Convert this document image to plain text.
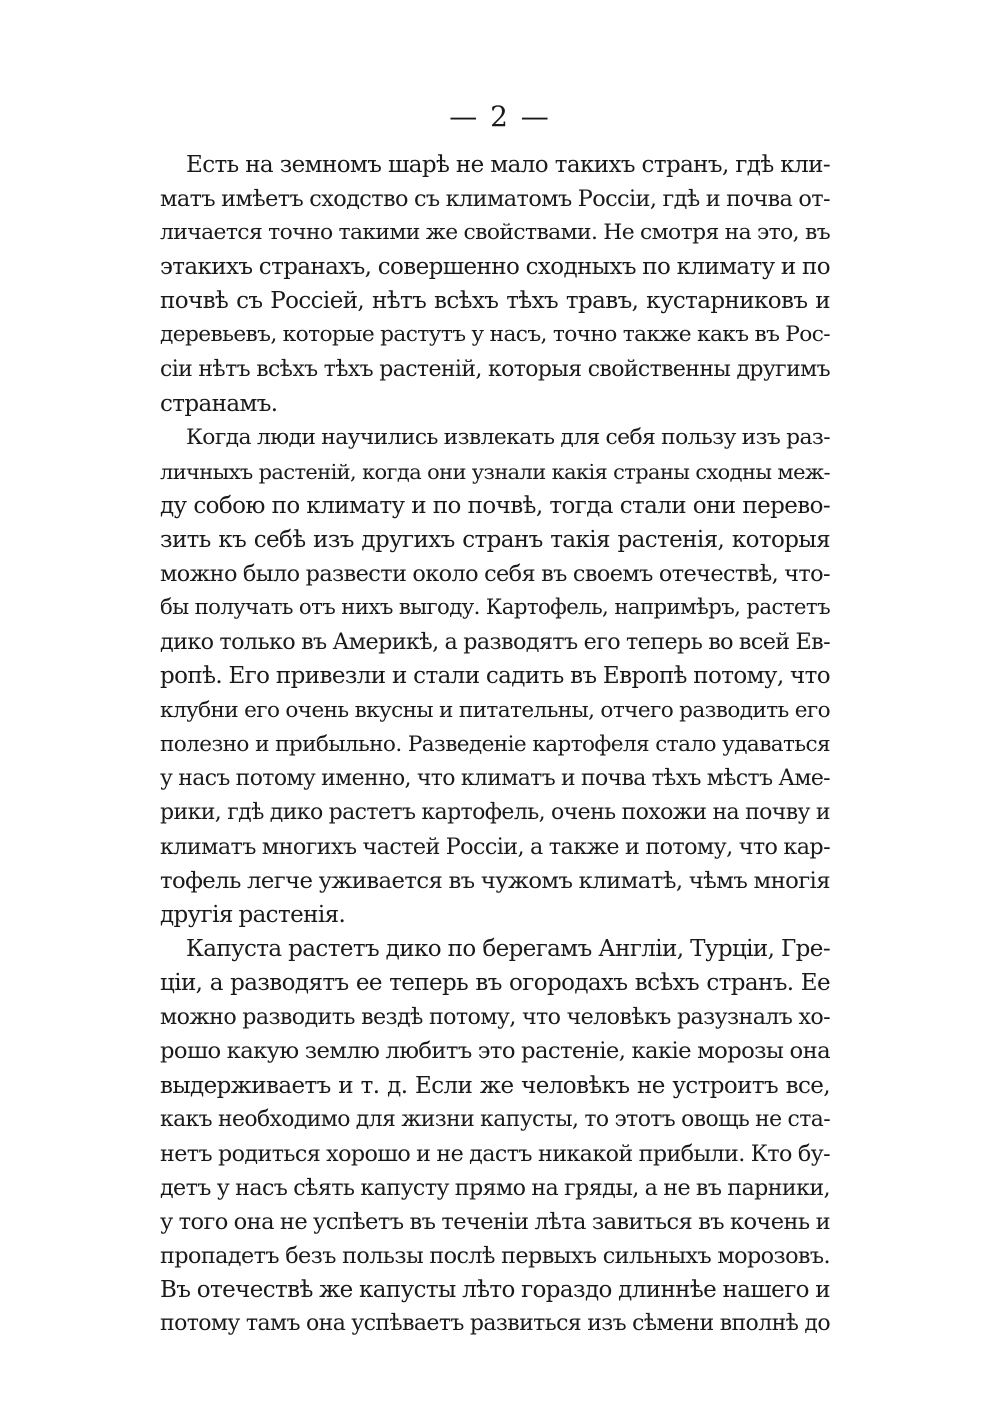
— 2 —
Есть на земномъ шарѣ не мало такихъ странъ, гдѣ кли-
матъ имѣетъ сходство съ климатомъ Россіи, гдѣ и почва от-
личается точно такими же свойствами. Не смотря на это, въ
этакихъ странахъ, совершенно сходныхъ по климату и по
почвѣ съ Россіей, нѣтъ всѣхъ тѣхъ травъ, кустарниковъ и
деревьевъ, которые растутъ у насъ, точно также какъ въ Рос-
сіи нѣтъ всѣхъ тѣхъ растеній, которыя свойственны другимъ
странамъ.
Когда люди научились извлекать для себя пользу изъ раз-
личныхъ растеній, когда они узнали какія страны сходны меж-
ду собою по климату и по почвѣ, тогда стали они перево-
зить къ себѣ изъ другихъ странъ такія растенія, которыя
можно было развести около себя въ своемъ отечествѣ, что-
бы получать отъ нихъ выгоду. Картофель, напримѣръ, растетъ
дико только въ Америкѣ, а разводятъ его теперь во всей Ев-
ропѣ. Его привезли и стали садить въ Европѣ потому, что
клубни его очень вкусны и питательны, отчего разводить его
полезно и прибыльно. Разведеніе картофеля стало удаваться
у насъ потому именно, что климатъ и почва тѣхъ мѣстъ Аме-
рики, гдѣ дико растетъ картофель, очень похожи на почву и
климатъ многихъ частей Россіи, а также и потому, что кар-
тофель легче уживается въ чужомъ климатѣ, чѣмъ многія
другія растенія.
Капуста растетъ дико по берегамъ Англіи, Турціи, Гре-
ціи, а разводятъ ее теперь въ огородахъ всѣхъ странъ. Ее
можно разводить вездѣ потому, что человѣкъ разузналъ хо-
рошо какую землю любитъ это растеніе, какіе морозы она
выдерживаетъ и т. д. Если же человѣкъ не устроитъ все,
какъ необходимо для жизни капусты, то этотъ овощь не ста-
нетъ родиться хорошо и не дастъ никакой прибыли. Кто бу-
детъ у насъ сѣять капусту прямо на гряды, а не въ парники,
у того она не успѣетъ въ теченіи лѣта завиться въ кочень и
пропадетъ безъ пользы послѣ первыхъ сильныхъ морозовъ.
Въ отечествѣ же капусты лѣто гораздо длиннѣе нашего и
потому тамъ она успѣваетъ развиться изъ сѣмени вполнѣ до
